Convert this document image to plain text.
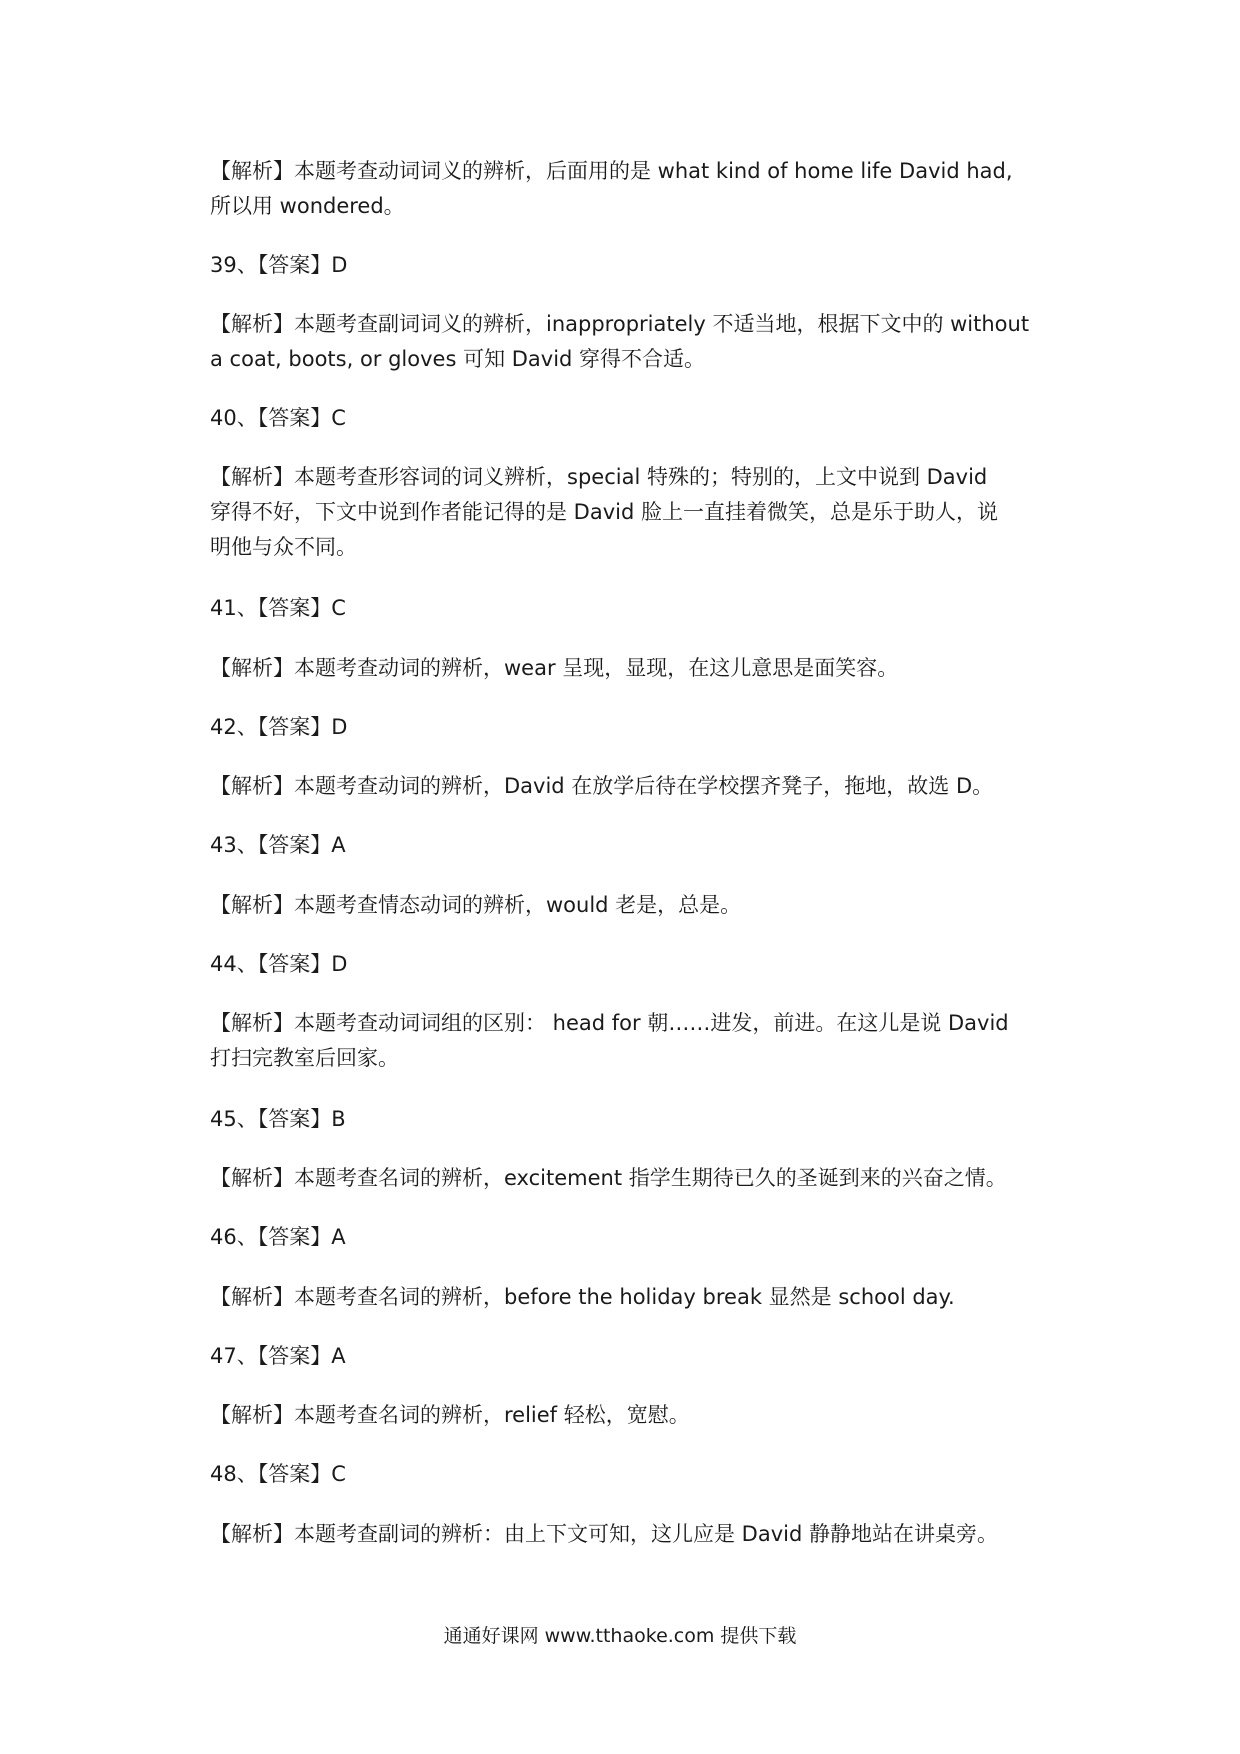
【解析】本题考查动词词义的辨析，后面用的是 what kind of home life David had,
所以用 wondered。
39、【答案】D
【解析】本题考查副词词义的辨析，inappropriately 不适当地，根据下文中的 without
a coat, boots, or gloves 可知 David 穿得不合适。
40、【答案】C
【解析】本题考查形容词的词义辨析，special 特殊的；特别的，上文中说到 David
穿得不好，下文中说到作者能记得的是 David 脸上一直挂着微笑，总是乐于助人，说
明他与众不同。
41、【答案】C
【解析】本题考查动词的辨析，wear 呈现，显现，在这儿意思是面笑容。
42、【答案】D
【解析】本题考查动词的辨析，David 在放学后待在学校摆齐凳子，拖地，故选 D。
43、【答案】A
【解析】本题考查情态动词的辨析，would 老是，总是。
44、【答案】D
【解析】本题考查动词词组的区别： head for 朝……进发，前进。在这儿是说 David
打扫完教室后回家。
45、【答案】B
【解析】本题考查名词的辨析，excitement 指学生期待已久的圣诞到来的兴奋之情。
46、【答案】A
【解析】本题考查名词的辨析，before the holiday break 显然是 school day.
47、【答案】A
【解析】本题考查名词的辨析，relief 轻松，宽慰。
48、【答案】C
【解析】本题考查副词的辨析：由上下文可知，这儿应是 David 静静地站在讲桌旁。
通通好课网 www.tthaoke.com 提供下载
